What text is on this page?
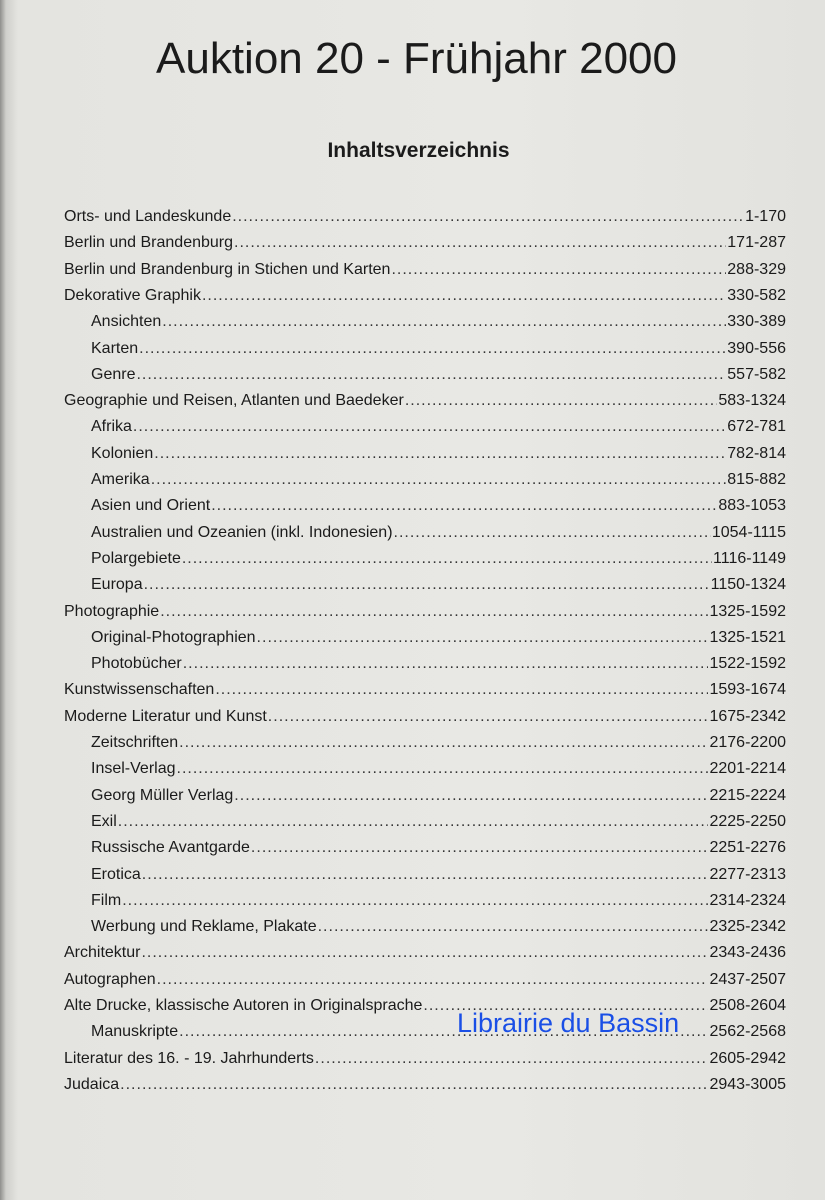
Auktion 20 - Frühjahr 2000
Inhaltsverzeichnis
Orts- und Landeskunde .....	1-170
Berlin und Brandenburg .....	171-287
Berlin und Brandenburg in Stichen und Karten .....	288-329
Dekorative Graphik .....	330-582
Ansichten .....	330-389
Karten .....	390-556
Genre .....	557-582
Geographie und Reisen, Atlanten und Baedeker .....	583-1324
Afrika .....	672-781
Kolonien .....	782-814
Amerika .....	815-882
Asien und Orient .....	883-1053
Australien und Ozeanien (inkl. Indonesien) .....	1054-1115
Polargebiete .....	1116-1149
Europa .....	1150-1324
Photographie .....	1325-1592
Original-Photographien .....	1325-1521
Photobücher .....	1522-1592
Kunstwissenschaften .....	1593-1674
Moderne Literatur und Kunst .....	1675-2342
Zeitschriften .....	2176-2200
Insel-Verlag .....	2201-2214
Georg Müller Verlag .....	2215-2224
Exil .....	2225-2250
Russische Avantgarde .....	2251-2276
Erotica .....	2277-2313
Film .....	2314-2324
Werbung und Reklame, Plakate .....	2325-2342
Architektur .....	2343-2436
Autographen .....	2437-2507
Alte Drucke, klassische Autoren in Originalsprache .....	2508-2604
Manuskripte .....	2562-2568
Literatur des 16. - 19. Jahrhunderts .....	2605-2942
Judaica .....	2943-3005
Librairie du Bassin
